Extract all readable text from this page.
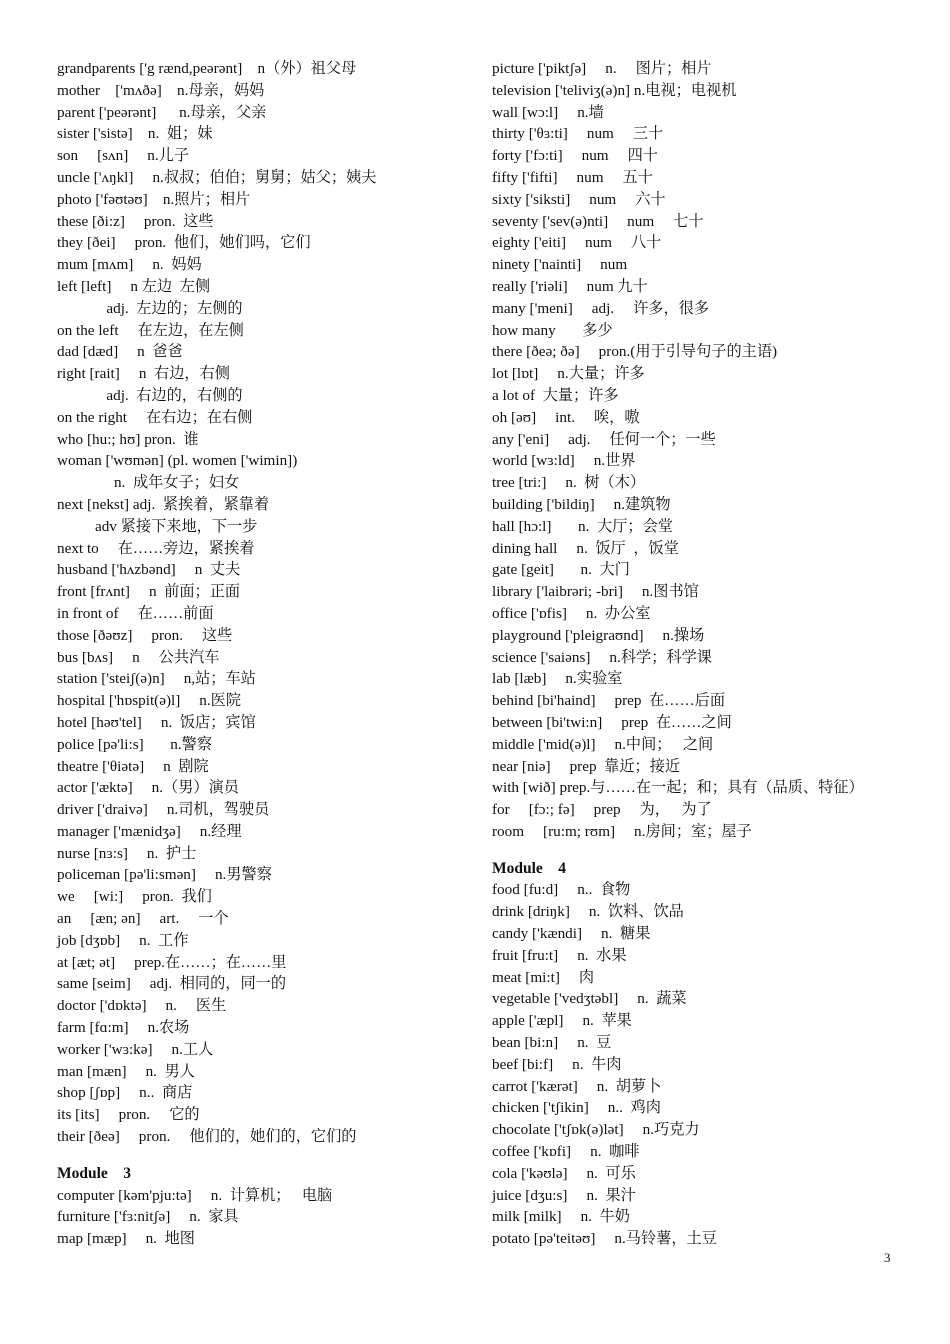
grandparents ['g rænd,peərənt]    n（外）祖父母
mother    ['mʌðə]    n.母亲，妈妈
parent ['peərənt]      n.母亲，父亲
sister ['sistə]    n.  姐；妹
son     [sʌn]     n.儿子
uncle ['ʌŋkl]     n.叔叔；伯伯；舅舅；姑父；姨夫
photo ['fəʊtəʊ]    n.照片；相片
these [ði:z]     pron.  这些
they [ðei]     pron.  他们，她们吗，它们
mum [mʌm]     n.  妈妈
left [left]     n 左边  左侧
adj.  左边的；左侧的
on the left     在左边，在左侧
dad [dæd]     n  爸爸
right [rait]     n  右边，右侧
adj.  右边的，右侧的
on the right     在右边；在右侧
who [hu:; hʊ] pron.  谁
woman ['wʊmən] (pl. women ['wimin])
n.  成年女子；妇女
next [nekst] adj.  紧挨着，紧靠着
adv 紧接下来地，下一步
next to     在……旁边，紧挨着
husband ['hʌzbənd]     n  丈夫
front [frʌnt]     n  前面；正面
in front of     在……前面
those [ðəʊz]     pron.     这些
bus [bʌs]     n     公共汽车
station ['steiʃ(ə)n]     n,站；车站
hospital ['hɒspit(ə)l]     n.医院
hotel [həʊ'tel]     n.  饭店；宾馆
police [pə'li:s]       n.警察
theatre ['θiətə]     n  剧院
actor ['æktə]     n.（男）演员
driver ['draivə]     n.司机，驾驶员
manager ['mænidʒə]     n.经理
nurse [nɜ:s]     n.  护士
policeman [pə'li:smən]     n.男警察
we     [wi:]     pron.  我们
an     [æn; ən]     art.     一个
job [dʒɒb]     n.  工作
at [æt; ət]     prep.在……；在……里
same [seim]     adj.  相同的，同一的
doctor ['dɒktə]     n.     医生
farm [fɑ:m]     n.农场
worker ['wɜ:kə]     n.工人
man [mæn]     n.  男人
shop [ʃɒp]     n..  商店
its [its]     pron.     它的
their [ðeə]     pron.     他们的，她们的，它们的
Module    3
computer [kəm'pju:tə]     n.  计算机；   电脑
furniture ['fɜ:nitʃə]     n.  家具
map [mæp]     n.  地图
picture ['piktʃə]     n.     图片；相片
television ['teliviʒ(ə)n] n.电视；电视机
wall [wɔ:l]     n.墙
thirty ['θɜ:ti]     num     三十
forty ['fɔ:ti]     num     四十
fifty ['fifti]     num     五十
sixty ['siksti]     num     六十
seventy ['sev(ə)nti]     num     七十
eighty ['eiti]     num     八十
ninety ['nainti]     num
really ['riəli]     num 九十
many ['meni]     adj.     许多，很多
how many       多少
there [ðeə; ðə]     pron.(用于引导句子的主语)
lot [lɒt]     n.大量；许多
a lot of  大量；许多
oh [əʊ]     int.     唉，嗷
any ['eni]     adj.     任何一个；一些
world [wɜ:ld]     n.世界
tree [tri:]     n.  树（木）
building ['bildiŋ]     n.建筑物
hall [hɔ:l]       n.  大厅；会堂
dining hall     n.  饭厅  ，饭堂
gate [geit]       n.  大门
library ['laibrəri; -bri]     n.图书馆
office ['ɒfis]     n.  办公室
playground ['pleigraʊnd]     n.操场
science ['saiəns]     n.科学；科学课
lab [læb]     n.实验室
behind [bi'haind]     prep  在……后面
between [bi'twi:n]     prep  在……之间
middle ['mid(ə)l]     n.中间；   之间
near [niə]     prep  靠近；接近
with [wið] prep.与……在一起；和；具有（品质、特征）
for     [fɔ:; fə]     prep     为，   为了
room     [ru:m; rʊm]     n.房间；室；屋子
Module    4
food [fu:d]     n..  食物
drink [driŋk]     n.  饮料、饮品
candy ['kændi]     n.  糖果
fruit [fru:t]     n.  水果
meat [mi:t]     肉
vegetable ['vedʒtəbl]     n.  蔬菜
apple ['æpl]     n.  苹果
bean [bi:n]     n.  豆
beef [bi:f]     n.  牛肉
carrot ['kærət]     n.  胡萝卜
chicken ['tʃikin]     n..  鸡肉
chocolate ['tʃɒk(ə)lət]     n.巧克力
coffee ['kɒfi]     n.  咖啡
cola ['kəʊlə]     n.  可乐
juice [dʒu:s]     n.  果汁
milk [milk]     n.  牛奶
potato [pə'teitəʊ]     n.马铃薯，土豆
3
